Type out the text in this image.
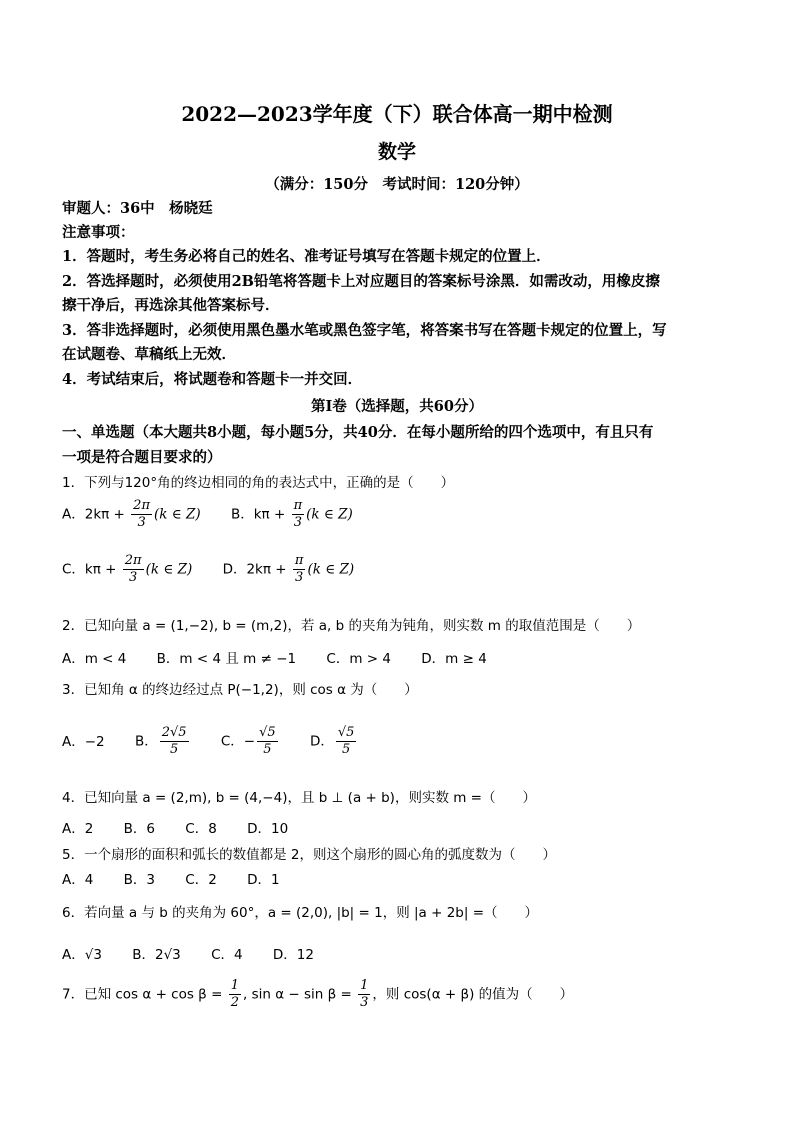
2022—2023学年度（下）联合体高一期中检测
数学
（满分：150分　考试时间：120分钟）
审题人：36中　杨晓廷
注意事项：
1．答题时，考生务必将自己的姓名、准考证号填写在答题卡规定的位置上．
2．答选择题时，必须使用2B铅笔将答题卡上对应题目的答案标号涂黑．如需改动，用橡皮擦
擦干净后，再选涂其他答案标号．
3．答非选择题时，必须使用黑色墨水笔或黑色签字笔，将答案书写在答题卡规定的位置上，写
在试题卷、草稿纸上无效．
4．考试结束后，将试题卷和答题卡一并交回．
第Ⅰ卷（选择题，共60分）
一、单选题（本大题共8小题，每小题5分，共40分．在每小题所给的四个选项中，有且只有
一项是符合题目要求的）
1．下列与120°角的终边相同的角的表达式中，正确的是（　　）
A．$2k\pi + \frac{2\pi}{3} (k$ ∈ Z) B．$k\pi + \frac{\pi}{3} (k$ ∈ Z)
C．$k\pi + \frac{2\pi}{3} (k$ ∈ Z) D．$2k\pi + \frac{\pi}{3} (k$ ∈ Z)
2．已知向量 a = (1,−2), b = (m,2)，若 a, b 的夹角为钝角，则实数 m 的取值范围是（　　）
A．m < 4 B．m < 4 且 m ≠ −1 C．m > 4 D．m ≥ 4
3．已知角 α 的终边经过点 P(−1,2)，则 cos α 为（　　）
A．−2 B． $\frac{2√5}{5}$ C．− $\frac{√5}{5}$ D． $\frac{√5}{5}$
4．已知向量 a = (2,m), b = (4,−4)，且 b ⊥ (a + b)，则实数 m =（　　）
A．2 B．6 C．8 D．10
5．一个扇形的面积和弧长的数值都是 2，则这个扇形的圆心角的弧度数为（　　）
A．4 B．3 C．2 D．1
6．若向量 a 与 b 的夹角为 60°，a = (2,0), |b| = 1，则 |a + 2b| =（　　）
A．√3 B．2√3 C．4 D．12
7．已知 $\cos \alpha + \cos \beta = \frac{1}{2}$ , $\sin \alpha - \sin \beta = \frac{1}{3}$ ，则 cos(α + β) 的值为（　　）
